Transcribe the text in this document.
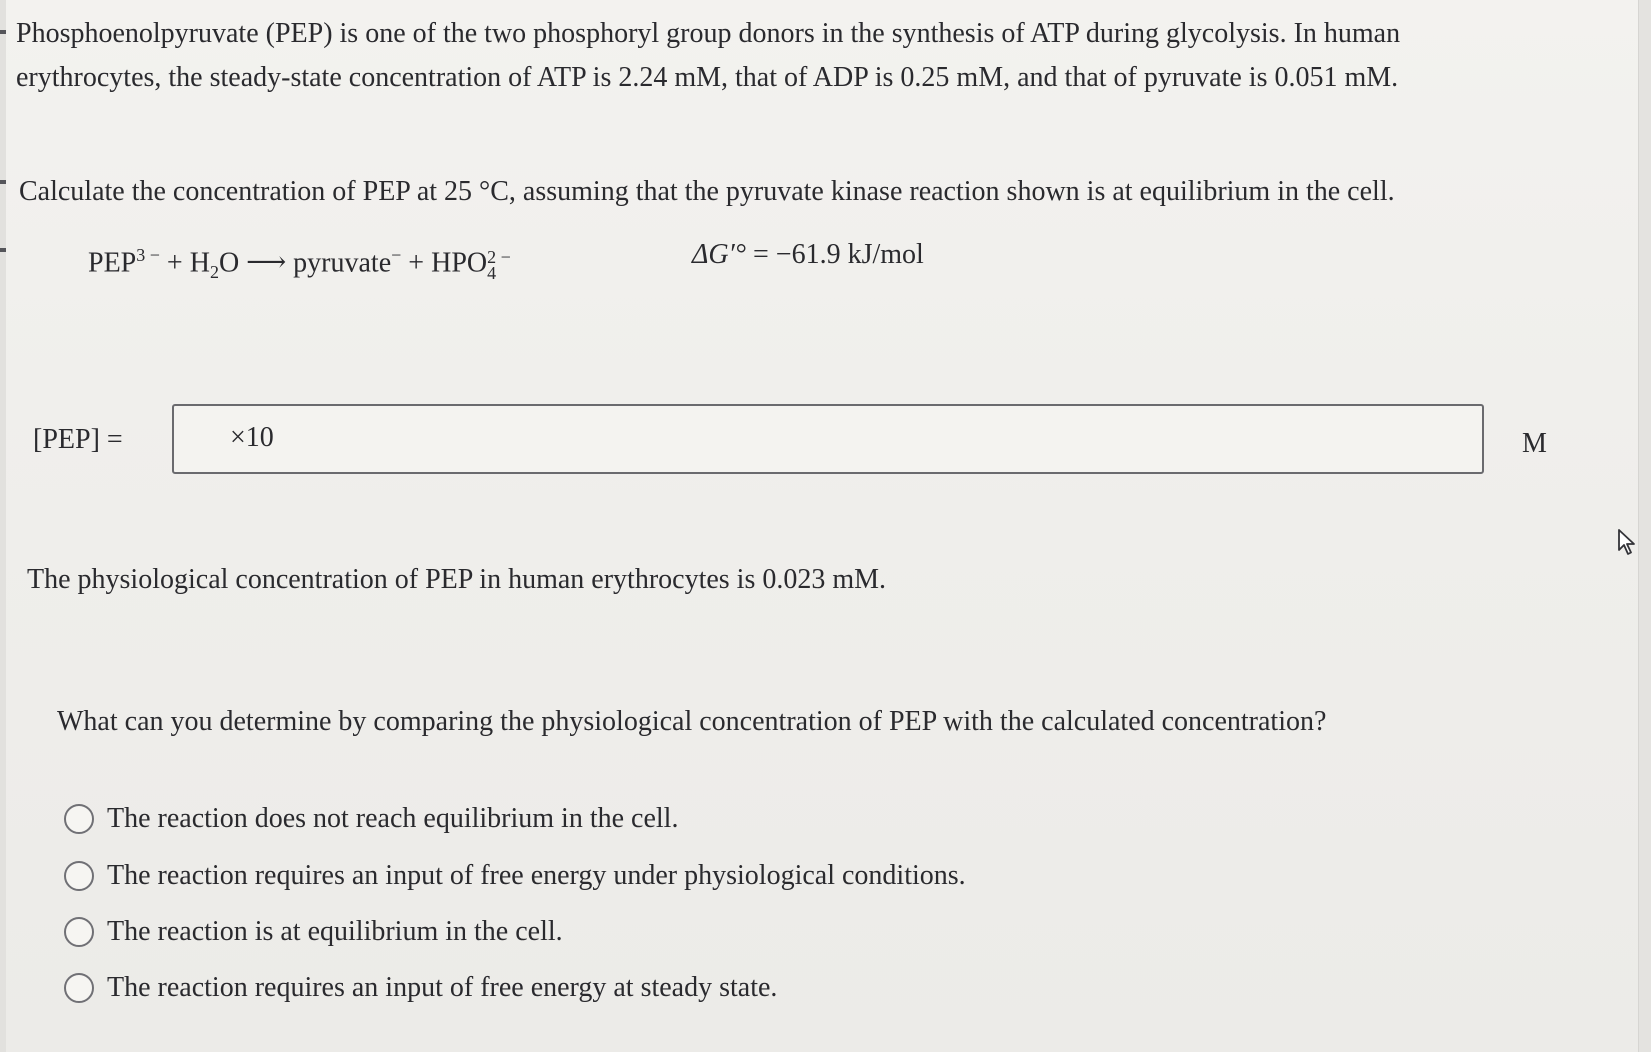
Phosphoenolpyruvate (PEP) is one of the two phosphoryl group donors in the synthesis of ATP during glycolysis. In human
erythrocytes, the steady-state concentration of ATP is 2.24 mM, that of ADP is 0.25 mM, and that of pyruvate is 0.051 mM.
Calculate the concentration of PEP at 25 °C, assuming that the pyruvate kinase reaction shown is at equilibrium in the cell.
$PEP^{3 -} + H_2O$ ⟶ pyruvate− + HPO 2 −
4
ΔG′° = −61.9 kJ/mol
[PEP] =	×10	M
The physiological concentration of PEP in human erythrocytes is 0.023 mM.
What can you determine by comparing the physiological concentration of PEP with the calculated concentration?
The reaction does not reach equilibrium in the cell.
The reaction requires an input of free energy under physiological conditions.
The reaction is at equilibrium in the cell.
The reaction requires an input of free energy at steady state.
